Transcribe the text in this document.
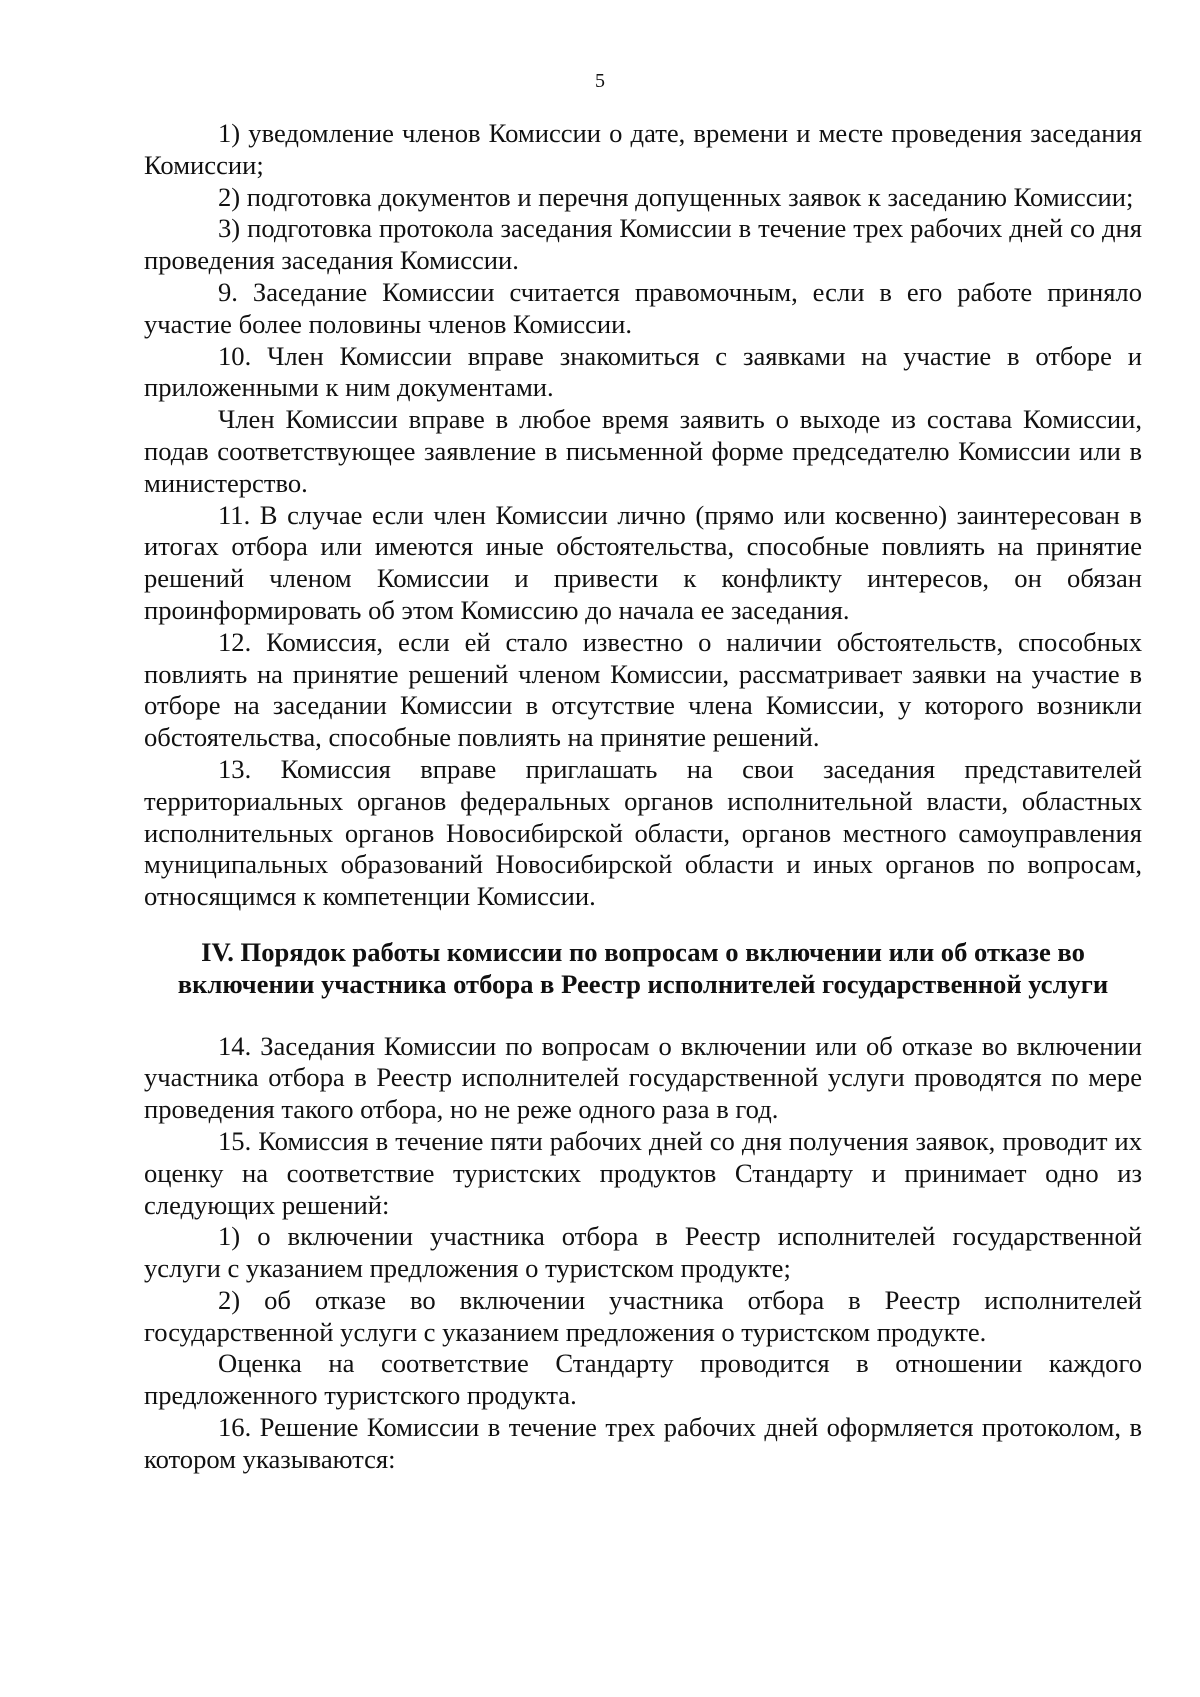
5

1) уведомление членов Комиссии о дате, времени и месте проведения заседания Комиссии;

2) подготовка документов и перечня допущенных заявок к заседанию Комиссии;

3) подготовка протокола заседания Комиссии в течение трех рабочих дней со дня проведения заседания Комиссии.

9. Заседание Комиссии считается правомочным, если в его работе приняло участие более половины членов Комиссии.

10. Член Комиссии вправе знакомиться с заявками на участие в отборе и приложенными к ним документами.

Член Комиссии вправе в любое время заявить о выходе из состава Комиссии, подав соответствующее заявление в письменной форме председателю Комиссии или в министерство.

11. В случае если член Комиссии лично (прямо или косвенно) заинтересован в итогах отбора или имеются иные обстоятельства, способные повлиять на принятие решений членом Комиссии и привести к конфликту интересов, он обязан проинформировать об этом Комиссию до начала ее заседания.

12. Комиссия, если ей стало известно о наличии обстоятельств, способных повлиять на принятие решений членом Комиссии, рассматривает заявки на участие в отборе на заседании Комиссии в отсутствие члена Комиссии, у которого возникли обстоятельства, способные повлиять на принятие решений.

13. Комиссия вправе приглашать на свои заседания представителей территориальных органов федеральных органов исполнительной власти, областных исполнительных органов Новосибирской области, органов местного самоуправления муниципальных образований Новосибирской области и иных органов по вопросам, относящимся к компетенции Комиссии.

IV. Порядок работы комиссии по вопросам о включении или об отказе во включении участника отбора в Реестр исполнителей государственной услуги

14. Заседания Комиссии по вопросам о включении или об отказе во включении участника отбора в Реестр исполнителей государственной услуги проводятся по мере проведения такого отбора, но не реже одного раза в год.

15. Комиссия в течение пяти рабочих дней со дня получения заявок, проводит их оценку на соответствие туристских продуктов Стандарту и принимает одно из следующих решений:

1) о включении участника отбора в Реестр исполнителей государственной услуги с указанием предложения о туристском продукте;

2) об отказе во включении участника отбора в Реестр исполнителей государственной услуги с указанием предложения о туристском продукте.

Оценка на соответствие Стандарту проводится в отношении каждого предложенного туристского продукта.

16. Решение Комиссии в течение трех рабочих дней оформляется протоколом, в котором указываются:
